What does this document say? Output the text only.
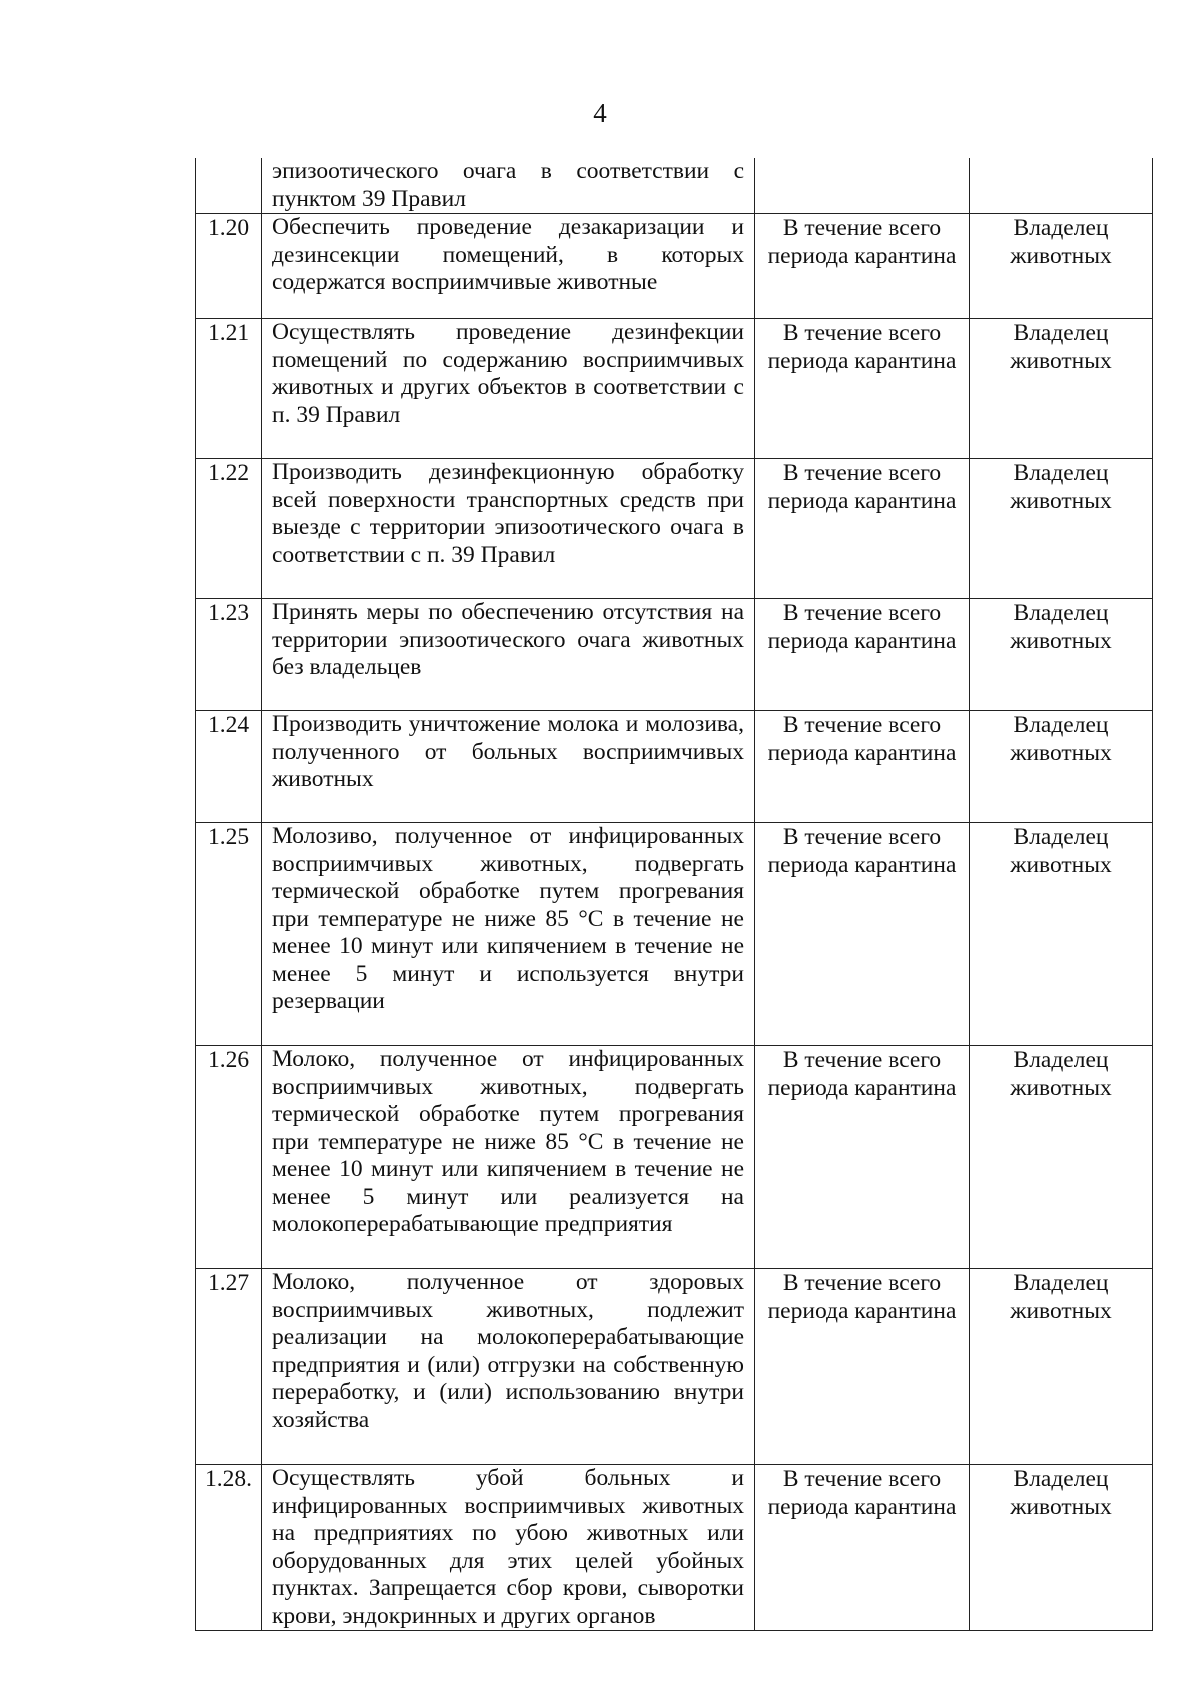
4
	эпизоотического очага в соответствии с пунктом 39 Правил		
1.20	Обеспечить проведение дезакаризации и дезинсекции помещений, в которых содержатся восприимчивые животные	В течение всего периода карантина	Владелец животных
1.21	Осуществлять проведение дезинфекции помещений по содержанию восприимчивых животных и других объектов в соответствии с п. 39 Правил	В течение всего периода карантина	Владелец животных
1.22	Производить дезинфекционную обработку всей поверхности транспортных средств при выезде с территории эпизоотического очага в соответствии с п. 39 Правил	В течение всего периода карантина	Владелец животных
1.23	Принять меры по обеспечению отсутствия на территории эпизоотического очага животных без владельцев	В течение всего периода карантина	Владелец животных
1.24	Производить уничтожение молока и молозива, полученного от больных восприимчивых животных	В течение всего периода карантина	Владелец животных
1.25	Молозиво, полученное от инфицированных восприимчивых животных, подвергать термической обработке путем прогревания при температуре не ниже 85 °С в течение не менее 10 минут или кипячением в течение не менее 5 минут и используется внутри резервации	В течение всего периода карантина	Владелец животных
1.26	Молоко, полученное от инфицированных восприимчивых животных, подвергать термической обработке путем прогревания при температуре не ниже 85 °С в течение не менее 10 минут или кипячением в течение не менее 5 минут или реализуется на молокоперерабатывающие предприятия	В течение всего периода карантина	Владелец животных
1.27	Молоко, полученное от здоровых восприимчивых животных, подлежит реализации на молокоперерабатывающие предприятия и (или) отгрузки на собственную переработку, и (или) использованию внутри хозяйства	В течение всего периода карантина	Владелец животных
1.28.	Осуществлять убой больных и инфицированных восприимчивых животных на предприятиях по убою животных или оборудованных для этих целей убойных пунктах. Запрещается сбор крови, сыворотки крови, эндокринных и других органов	В течение всего периода карантина	Владелец животных
